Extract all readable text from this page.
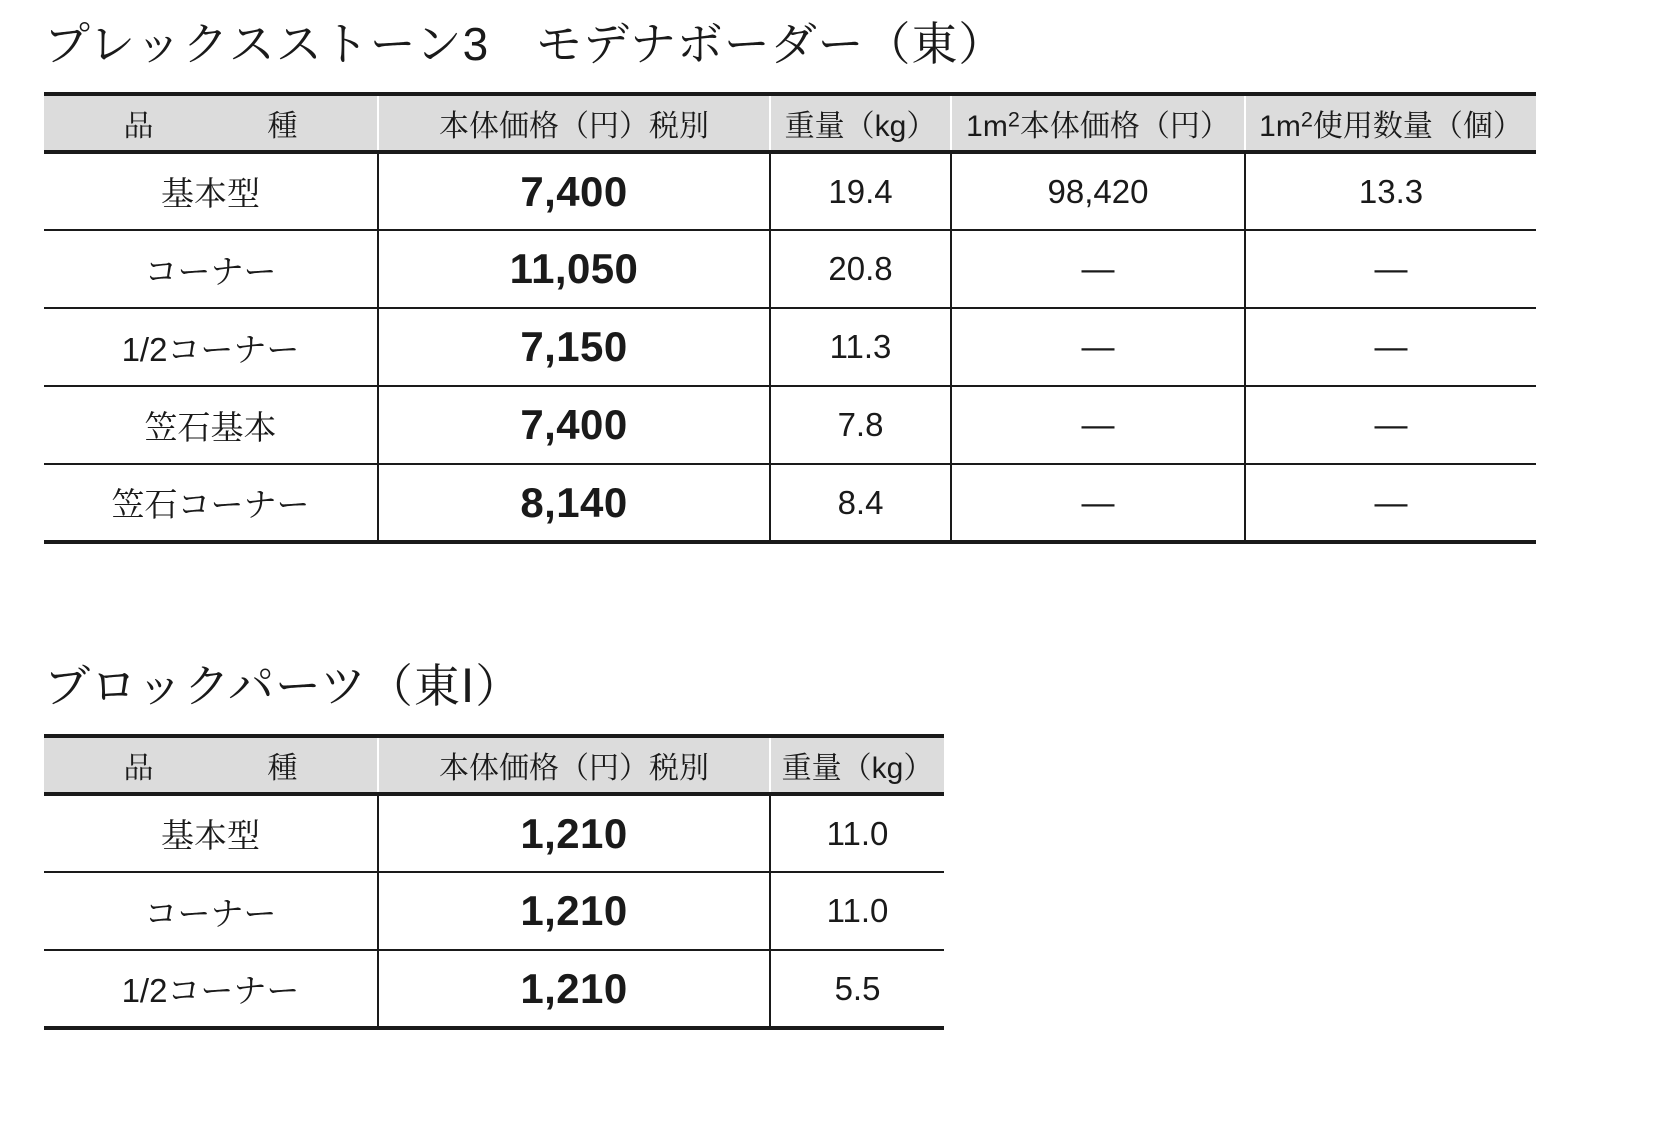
プレックスストーン3　モデナボーダー（東）
品　　種	本体価格（円）税別	重量（kg）	$1m^2$本体価格（円）	$1m^2$使用数量（個）
基本型	7,400	19.4	98,420	13.3
コーナー	11,050	20.8	—	—
1/2コーナー	7,150	11.3	—	—
笠石基本	7,400	7.8	—	—
笠石コーナー	8,140	8.4	—	—
ブロックパーツ（東Ⅰ）
品　　種	本体価格（円）税別	重量（kg）
基本型	1,210	11.0
コーナー	1,210	11.0
1/2コーナー	1,210	5.5
